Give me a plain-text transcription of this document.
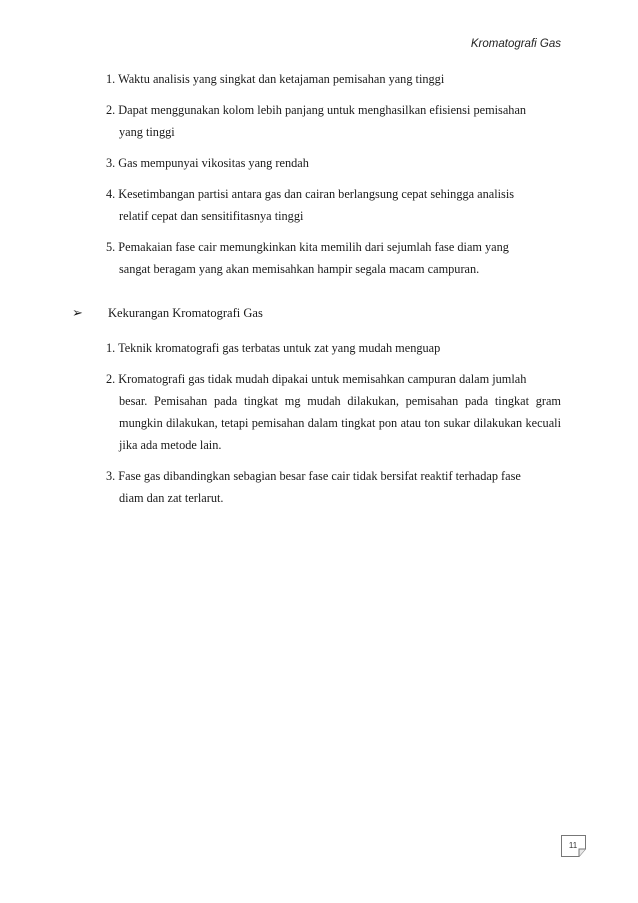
Kromatografi Gas

1. Waktu analisis yang singkat dan ketajaman pemisahan yang tinggi

2. Dapat menggunakan kolom lebih panjang untuk menghasilkan efisiensi pemisahan
yang tinggi

3. Gas mempunyai vikositas yang rendah

4. Kesetimbangan partisi antara gas dan cairan berlangsung cepat sehingga analisis
relatif cepat dan sensitifitasnya tinggi

5. Pemakaian fase cair memungkinkan kita memilih dari sejumlah fase diam yang
sangat beragam yang akan memisahkan hampir segala macam campuran.

➢ Kekurangan Kromatografi Gas

1. Teknik kromatografi gas terbatas untuk zat yang mudah menguap

2. Kromatografi gas tidak mudah dipakai untuk memisahkan campuran dalam jumlah
besar. Pemisahan pada tingkat mg mudah dilakukan, pemisahan pada tingkat gram mungkin dilakukan, tetapi pemisahan dalam tingkat pon atau ton sukar dilakukan kecuali jika ada metode lain.

3. Fase gas dibandingkan sebagian besar fase cair tidak bersifat reaktif terhadap fase
diam dan zat terlarut.

11
